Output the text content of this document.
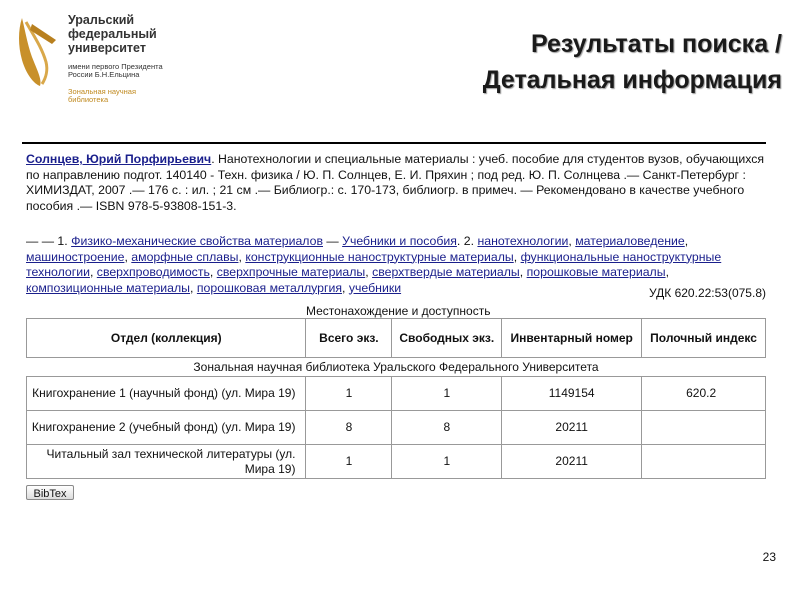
Уральский
федеральный
университет
имени первого Президента России Б.Н.Ельцина
Зональная научная библиотека
Результаты поиска /
Детальная информация
Солнцев, Юрий Порфирьевич. Нанотехнологии и специальные материалы : учеб. пособие для студентов вузов, обучающихся по направлению подгот. 140140 - Техн. физика / Ю. П. Солнцев, Е. И. Пряхин ; под ред. Ю. П. Солнцева .— Санкт-Петербург : ХИМИЗДАТ, 2007 .— 176 с. : ил. ; 21 см .— Библиогр.: с. 170-173, библиогр. в примеч. — Рекомендовано в качестве учебного пособия .— ISBN 978-5-93808-151-3.
— — 1. Физико-механические свойства материалов — Учебники и пособия. 2. нанотехнологии, материаловедение, машиностроение, аморфные сплавы, конструкционные наноструктурные материалы, функциональные наноструктурные технологии, сверхпроводимость, сверхпрочные материалы, сверхтвердые материалы, порошковые материалы, композиционные материалы, порошковая металлургия, учебники	УДК 620.22:53(075.8)
Местонахождение и доступность
Отдел (коллекция)	Всего экз.	Свободных экз.	Инвентарный номер	Полочный индекс
Зональная научная библиотека Уральского Федерального Университета				
Книгохранение 1 (научный фонд) (ул. Мира 19)	1	1	1149154	620.2
Книгохранение 2 (учебный фонд) (ул. Мира 19)	8	8	20211	
Читальный зал технической литературы (ул. Мира 19)	1	1	20211	
BibTex
23
